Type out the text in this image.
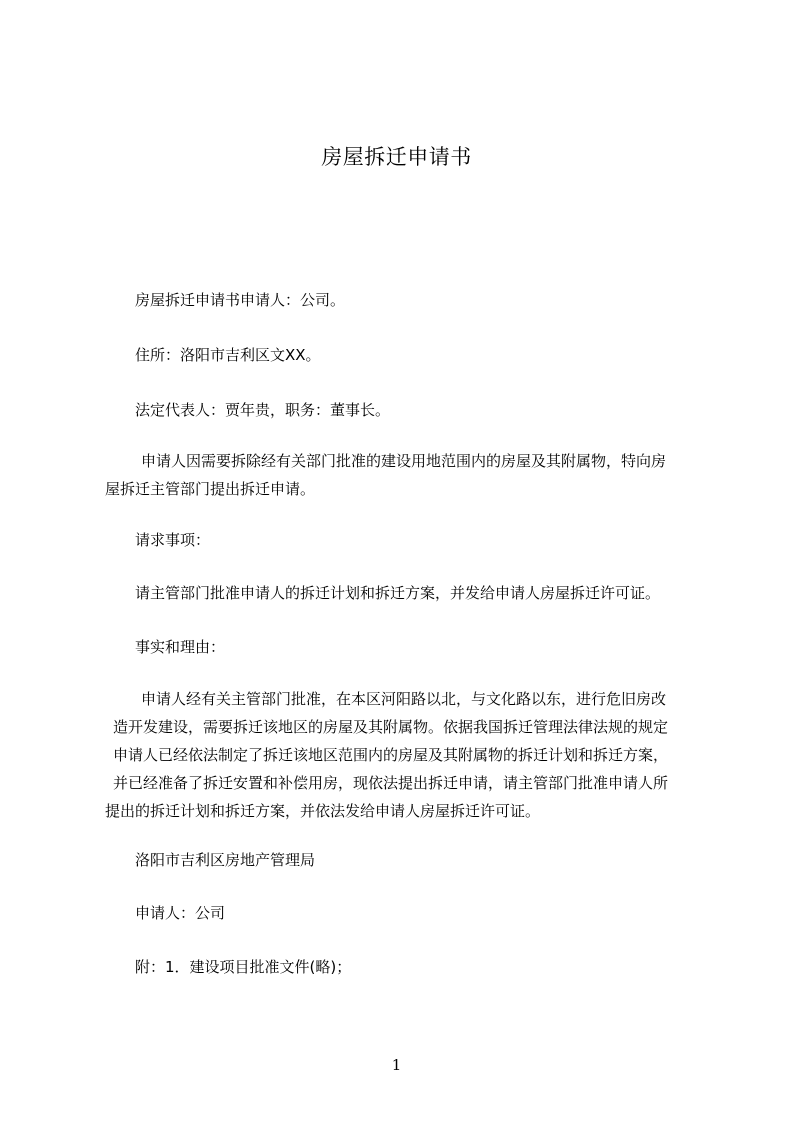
房屋拆迁申请书

房屋拆迁申请书申请人：公司。

住所：洛阳市吉利区文XX。

法定代表人：贾年贵，职务：董事长。

申请人因需要拆除经有关部门批准的建设用地范围内的房屋及其附属物，特向房
屋拆迁主管部门提出拆迁申请。

请求事项：

请主管部门批准申请人的拆迁计划和拆迁方案，并发给申请人房屋拆迁许可证。

事实和理由：

申请人经有关主管部门批准，在本区河阳路以北，与文化路以东，进行危旧房改
造开发建设，需要拆迁该地区的房屋及其附属物。依据我国拆迁管理法律法规的规定
申请人已经依法制定了拆迁该地区范围内的房屋及其附属物的拆迁计划和拆迁方案，
并已经准备了拆迁安置和补偿用房，现依法提出拆迁申请，请主管部门批准申请人所
提出的拆迁计划和拆迁方案，并依法发给申请人房屋拆迁许可证。

洛阳市吉利区房地产管理局

申请人：公司

附：1．建设项目批准文件(略)；

1
